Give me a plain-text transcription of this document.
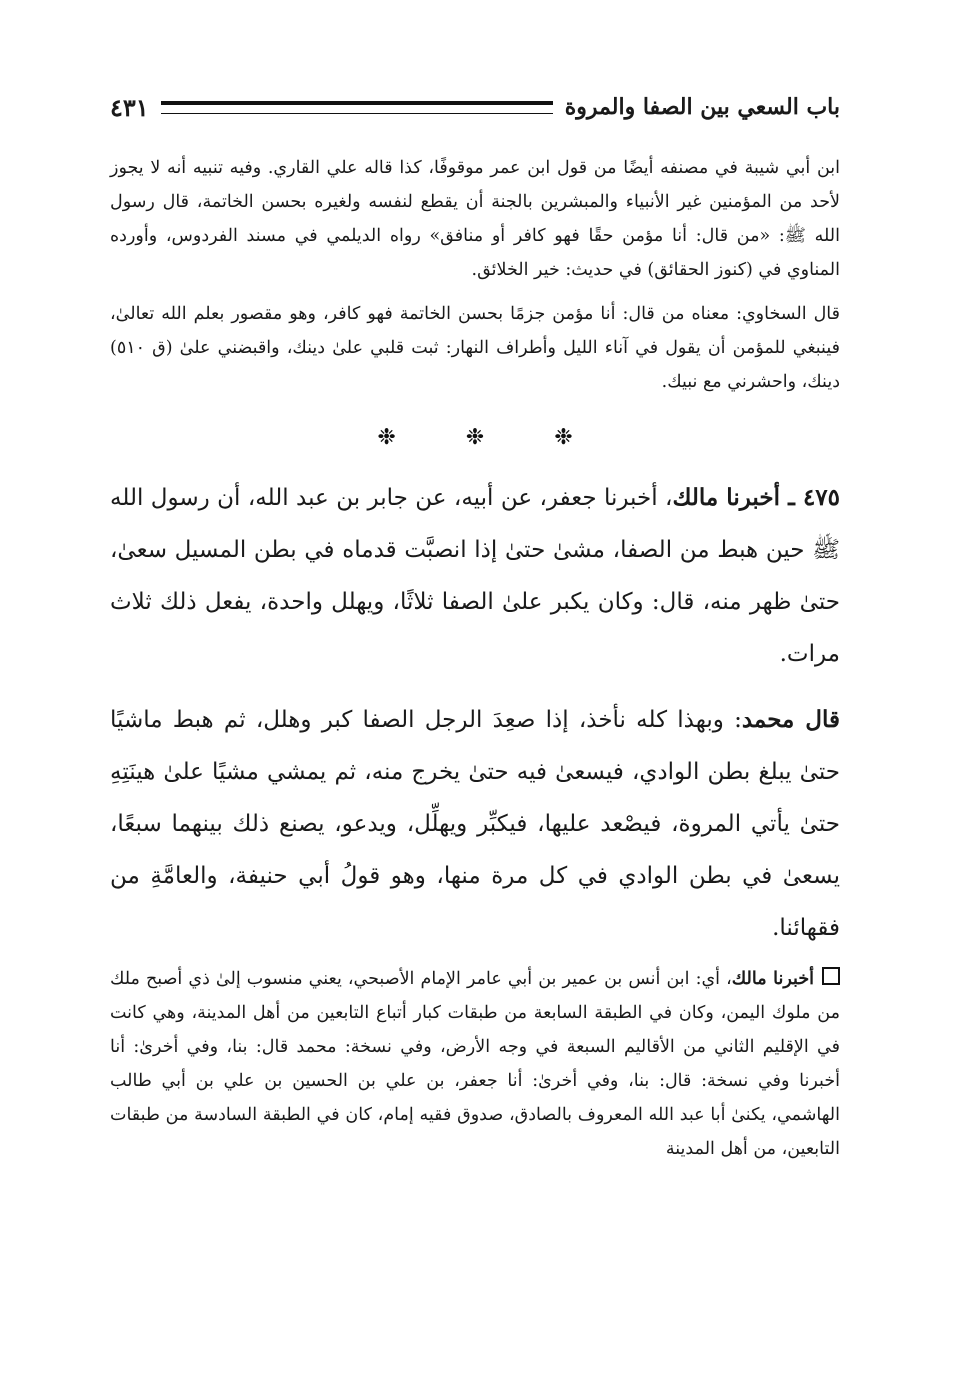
باب السعي بين الصفا والمروة
٤٣١

ابن أبي شيبة في مصنفه أيضًا من قول ابن عمر موقوفًا، كذا قاله علي القاري. وفيه تنبيه أنه لا يجوز لأحد من المؤمنين غير الأنبياء والمبشرين بالجنة أن يقطع لنفسه ولغيره بحسن الخاتمة، قال رسول الله ﷺ: «من قال: أنا مؤمن حقًا فهو كافر أو منافق» رواه الديلمي في مسند الفردوس، وأورده المناوي في (كنوز الحقائق) في حديث: خير الخلائق.

قال السخاوي: معناه من قال: أنا مؤمن جزمًا بحسن الخاتمة فهو كافر، وهو مقصور بعلم الله تعالىٰ، فينبغي للمؤمن أن يقول في آناء الليل وأطراف النهار: ثبت قلبي علىٰ دينك، واقبضني علىٰ (ق ٥١٠) دينك، واحشرني مع نبيك.

❉
❉
❉

٤٧٥ ـ أخبرنا مالك، أخبرنا جعفر، عن أبيه، عن جابر بن عبد الله، أن رسول الله ﷺ حين هبط من الصفا، مشىٰ حتىٰ إذا انصبَّت قدماه في بطن المسيل سعىٰ، حتىٰ ظهر منه، قال: وكان يكبر علىٰ الصفا ثلاثًا، ويهلل واحدة، يفعل ذلك ثلاث مرات.

قال محمد: وبهذا كله نأخذ، إذا صعِدَ الرجل الصفا كبر وهلل، ثم هبط ماشيًا حتىٰ يبلغ بطن الوادي، فيسعىٰ فيه حتىٰ يخرج منه، ثم يمشي مشيًا علىٰ هينَتِهِ حتىٰ يأتي المروة، فيصْعد عليها، فيكبِّر ويهلِّل، ويدعو، يصنع ذلك بينهما سبعًا، يسعىٰ في بطن الوادي في كل مرة منها، وهو قولُ أبي حنيفة، والعامَّةِ من فقهائنا.

أخبرنا مالك، أي: ابن أنس بن عمير بن أبي عامر الإمام الأصبحي، يعني منسوب إلىٰ ذي أصبح ملك من ملوك اليمن، وكان في الطبقة السابعة من طبقات كبار أتباع التابعين من أهل المدينة، وهي كانت في الإقليم الثاني من الأقاليم السبعة في وجه الأرض، وفي نسخة: محمد قال: بنا، وفي أخرىٰ: أنا أخبرنا وفي نسخة: قال: بنا، وفي أخرىٰ: أنا جعفر، بن علي بن الحسين بن علي بن أبي طالب الهاشمي، يكنىٰ أبا عبد الله المعروف بالصادق، صدوق فقيه إمام، كان في الطبقة السادسة من طبقات التابعين، من أهل المدينة
